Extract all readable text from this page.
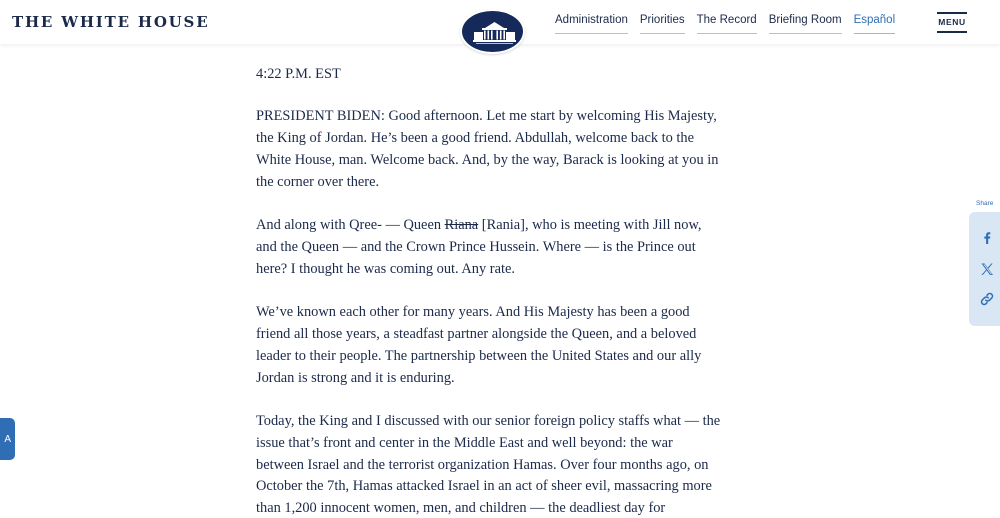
THE WHITE HOUSE	Administration Priorities The Record Briefing Room Español	MENU

4:22 P.M. EST

PRESIDENT BIDEN: Good afternoon. Let me start by welcoming His Majesty, the King of Jordan. He’s been a good friend. Abdullah, welcome back to the White House, man. Welcome back. And, by the way, Barack is looking at you in the corner over there.

And along with Qree- — Queen Riana [Rania], who is meeting with Jill now, and the Queen — and the Crown Prince Hussein. Where — is the Prince out here? I thought he was coming out. Any rate.

We’ve known each other for many years. And His Majesty has been a good friend all those years, a steadfast partner alongside the Queen, and a beloved leader to their people. The partnership between the United States and our ally Jordan is strong and it is enduring.

Today, the King and I discussed with our senior foreign policy staffs what — the issue that’s front and center in the Middle East and well beyond: the war between Israel and the terrorist organization Hamas. Over four months ago, on October the 7th, Hamas attacked Israel in an act of sheer evil, massacring more than 1,200 innocent women, men, and children — the deadliest day for

Share
A
